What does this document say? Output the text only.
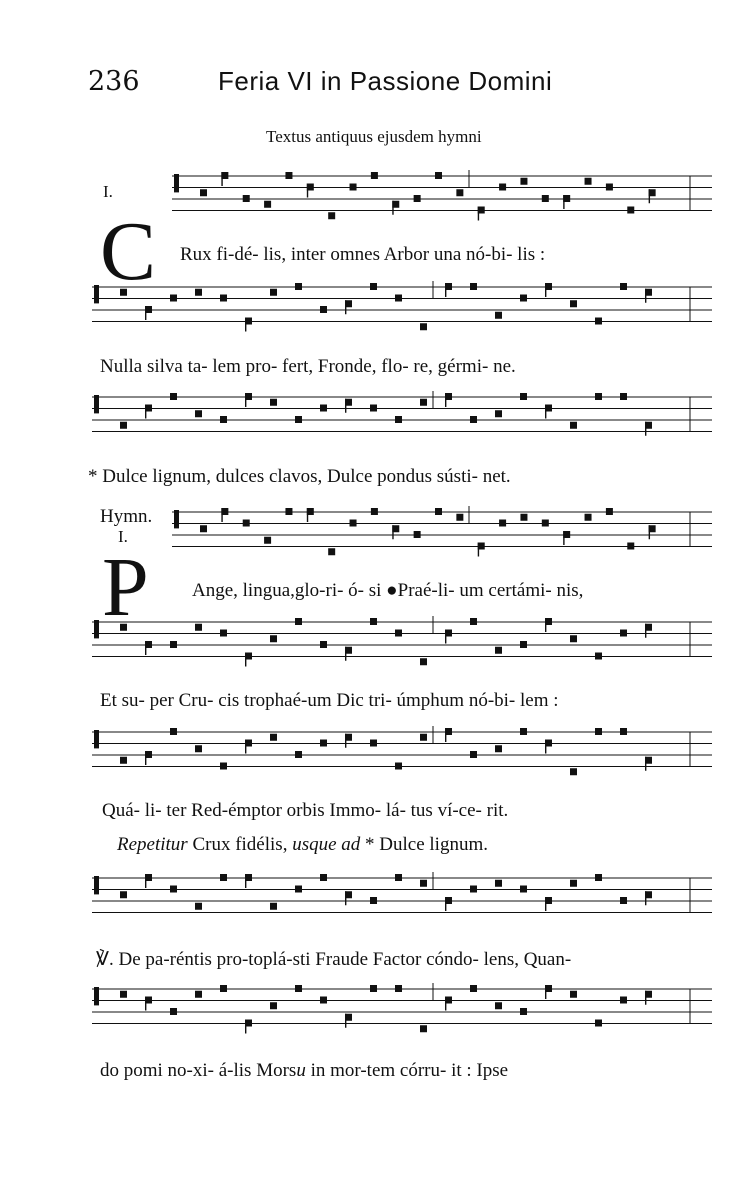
236	Feria VI in Passione Domini
Textus antiquus ejusdem hymni
I.
C Rux fi-dé- lis, inter omnes Arbor una nó-bi- lis :
Nulla silva ta- lem pro- fert, Fronde, flo- re, gérmi- ne.
* Dulce lignum, dulces clavos, Dulce pondus sústi- net.
Hymn.
I.
P Ange, lingua,glo-ri- ó- si ●Praé-li- um certámi- nis,
Et su- per Cru- cis trophaé-um Dic tri- úmphum nó-bi- lem :
Quá- li- ter Red-émptor orbis Immo- lá- tus ví-ce- rit.
Repetitur Crux fidélis, usque ad * Dulce lignum.
℣. De pa-réntis pro-toplá-sti Fraude Factor cóndo- lens, Quan-
do pomi no-xi- á-lis Morsu in mor-tem córru- it : Ipse
